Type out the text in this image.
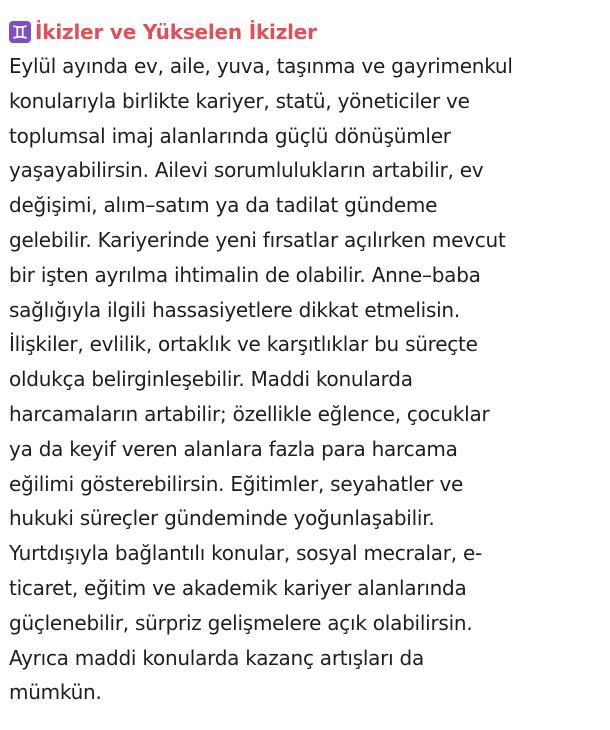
İkizler ve Yükselen İkizler

Eylül ayında ev, aile, yuva, taşınma ve gayrimenkul
konularıyla birlikte kariyer, statü, yöneticiler ve
toplumsal imaj alanlarında güçlü dönüşümler
yaşayabilirsin. Ailevi sorumlulukların artabilir, ev
değişimi, alım–satım ya da tadilat gündeme
gelebilir. Kariyerinde yeni fırsatlar açılırken mevcut
bir işten ayrılma ihtimalin de olabilir. Anne–baba
sağlığıyla ilgili hassasiyetlere dikkat etmelisin.
İlişkiler, evlilik, ortaklık ve karşıtlıklar bu süreçte
oldukça belirginleşebilir. Maddi konularda
harcamaların artabilir; özellikle eğlence, çocuklar
ya da keyif veren alanlara fazla para harcama
eğilimi gösterebilirsin. Eğitimler, seyahatler ve
hukuki süreçler gündeminde yoğunlaşabilir.
Yurtdışıyla bağlantılı konular, sosyal mecralar, e-
ticaret, eğitim ve akademik kariyer alanlarında
güçlenebilir, sürpriz gelişmelere açık olabilirsin.
Ayrıca maddi konularda kazanç artışları da
mümkün.
